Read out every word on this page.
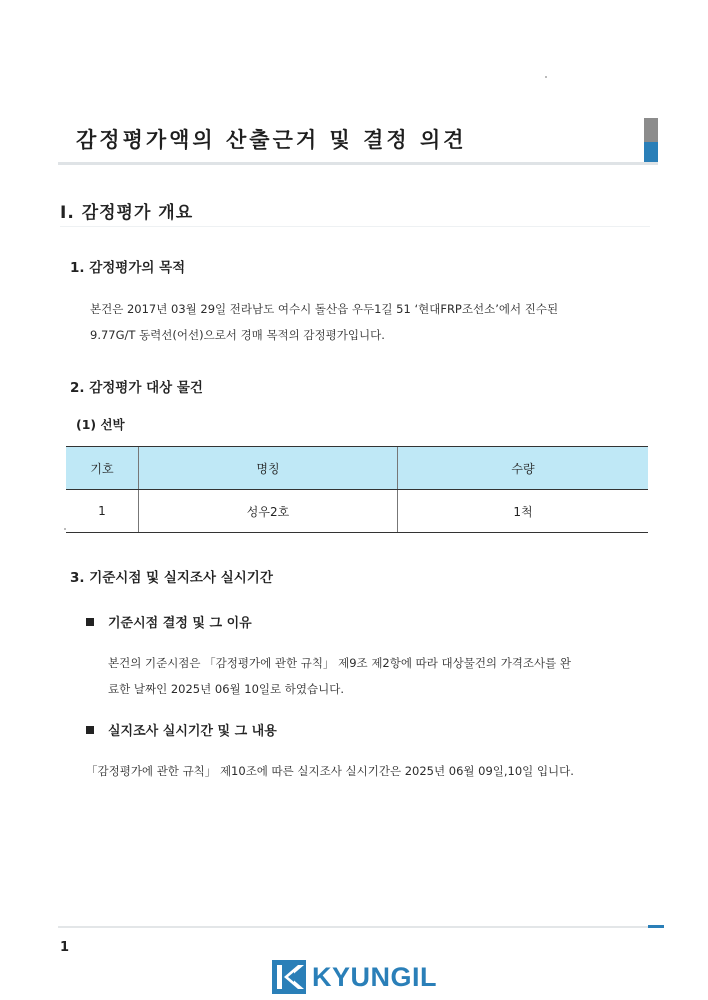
감정평가액의 산출근거 및 결정 의견
Ⅰ. 감정평가 개요
1. 감정평가의 목적
본건은 2017년 03월 29일 전라남도 여수시 돌산읍 우두1길 51 ‘현대FRP조선소’에서 진수된
9.77G/T 동력선(어선)으로서 경매 목적의 감정평가입니다.
2. 감정평가 대상 물건
(1) 선박
기호	명칭	수량
1	성우2호	1척
3. 기준시점 및 실지조사 실시기간
기준시점 결정 및 그 이유
본건의 기준시점은 「감정평가에 관한 규칙」 제9조 제2항에 따라 대상물건의 가격조사를 완
료한 날짜인 2025년 06월 10일로 하였습니다.
실지조사 실시기간 및 그 내용
「감정평가에 관한 규칙」 제10조에 따른 실지조사 실시기간은 2025년 06월 09일,10일 입니다.
1
KYUNGIL
